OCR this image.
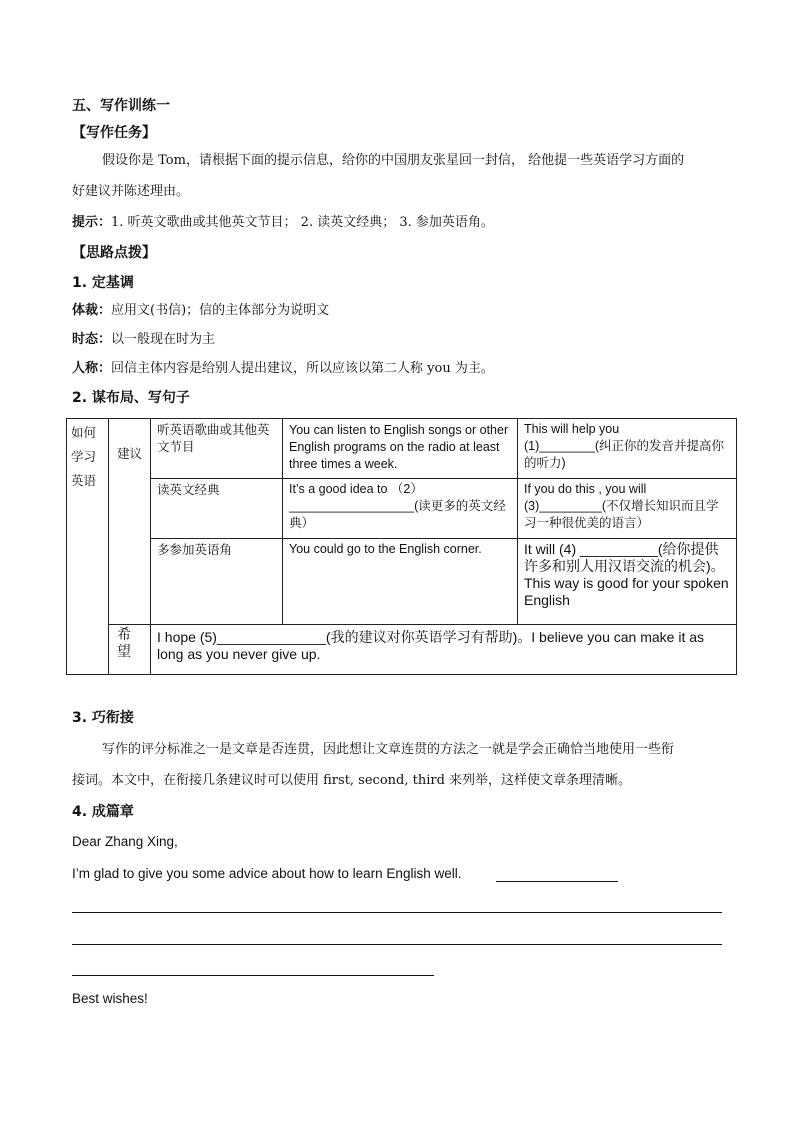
五、写作训练一
【写作任务】
假设你是 Tom，请根据下面的提示信息，给你的中国朋友张星回一封信， 给他提一些英语学习方面的
好建议并陈述理由。
提示：1. 听英文歌曲或其他英文节目； 2. 读英文经典； 3. 参加英语角。
【思路点拨】
1. 定基调
体裁：应用文(书信)；信的主体部分为说明文
时态：以一般现在时为主
人称：回信主体内容是给别人提出建议，所以应该以第二人称 you 为主。
2. 谋布局、写句子
如何学习英语	建议	听英语歌曲或其他英文节目	You can listen to English songs or other English programs on the radio at least three times a week.	This will help you
(1)________(纠正你的发音并提高你的听力)

		读英文经典	It’s a good idea to （2）__________________(读更多的英文经典）	If you do this , you will
(3)_________(不仅增长知识而且学习一种很优美的语言）

		多参加英语角	You could go to the English corner.	It will (4) __________(给你提供许多和别人用汉语交流的机会)。This way is good for your spoken English
	希望	I hope (5)______________(我的建议对你英语学习有帮助)。I believe you can make it as long as you never give up.		
3. 巧衔接
写作的评分标准之一是文章是否连贯，因此想让文章连贯的方法之一就是学会正确恰当地使用一些衔
接词。本文中，在衔接几条建议时可以使用 first, second, third 来列举，这样使文章条理清晰。
4. 成篇章
Dear Zhang Xing,
I’m glad to give you some advice about how to learn English well.
Best wishes!
